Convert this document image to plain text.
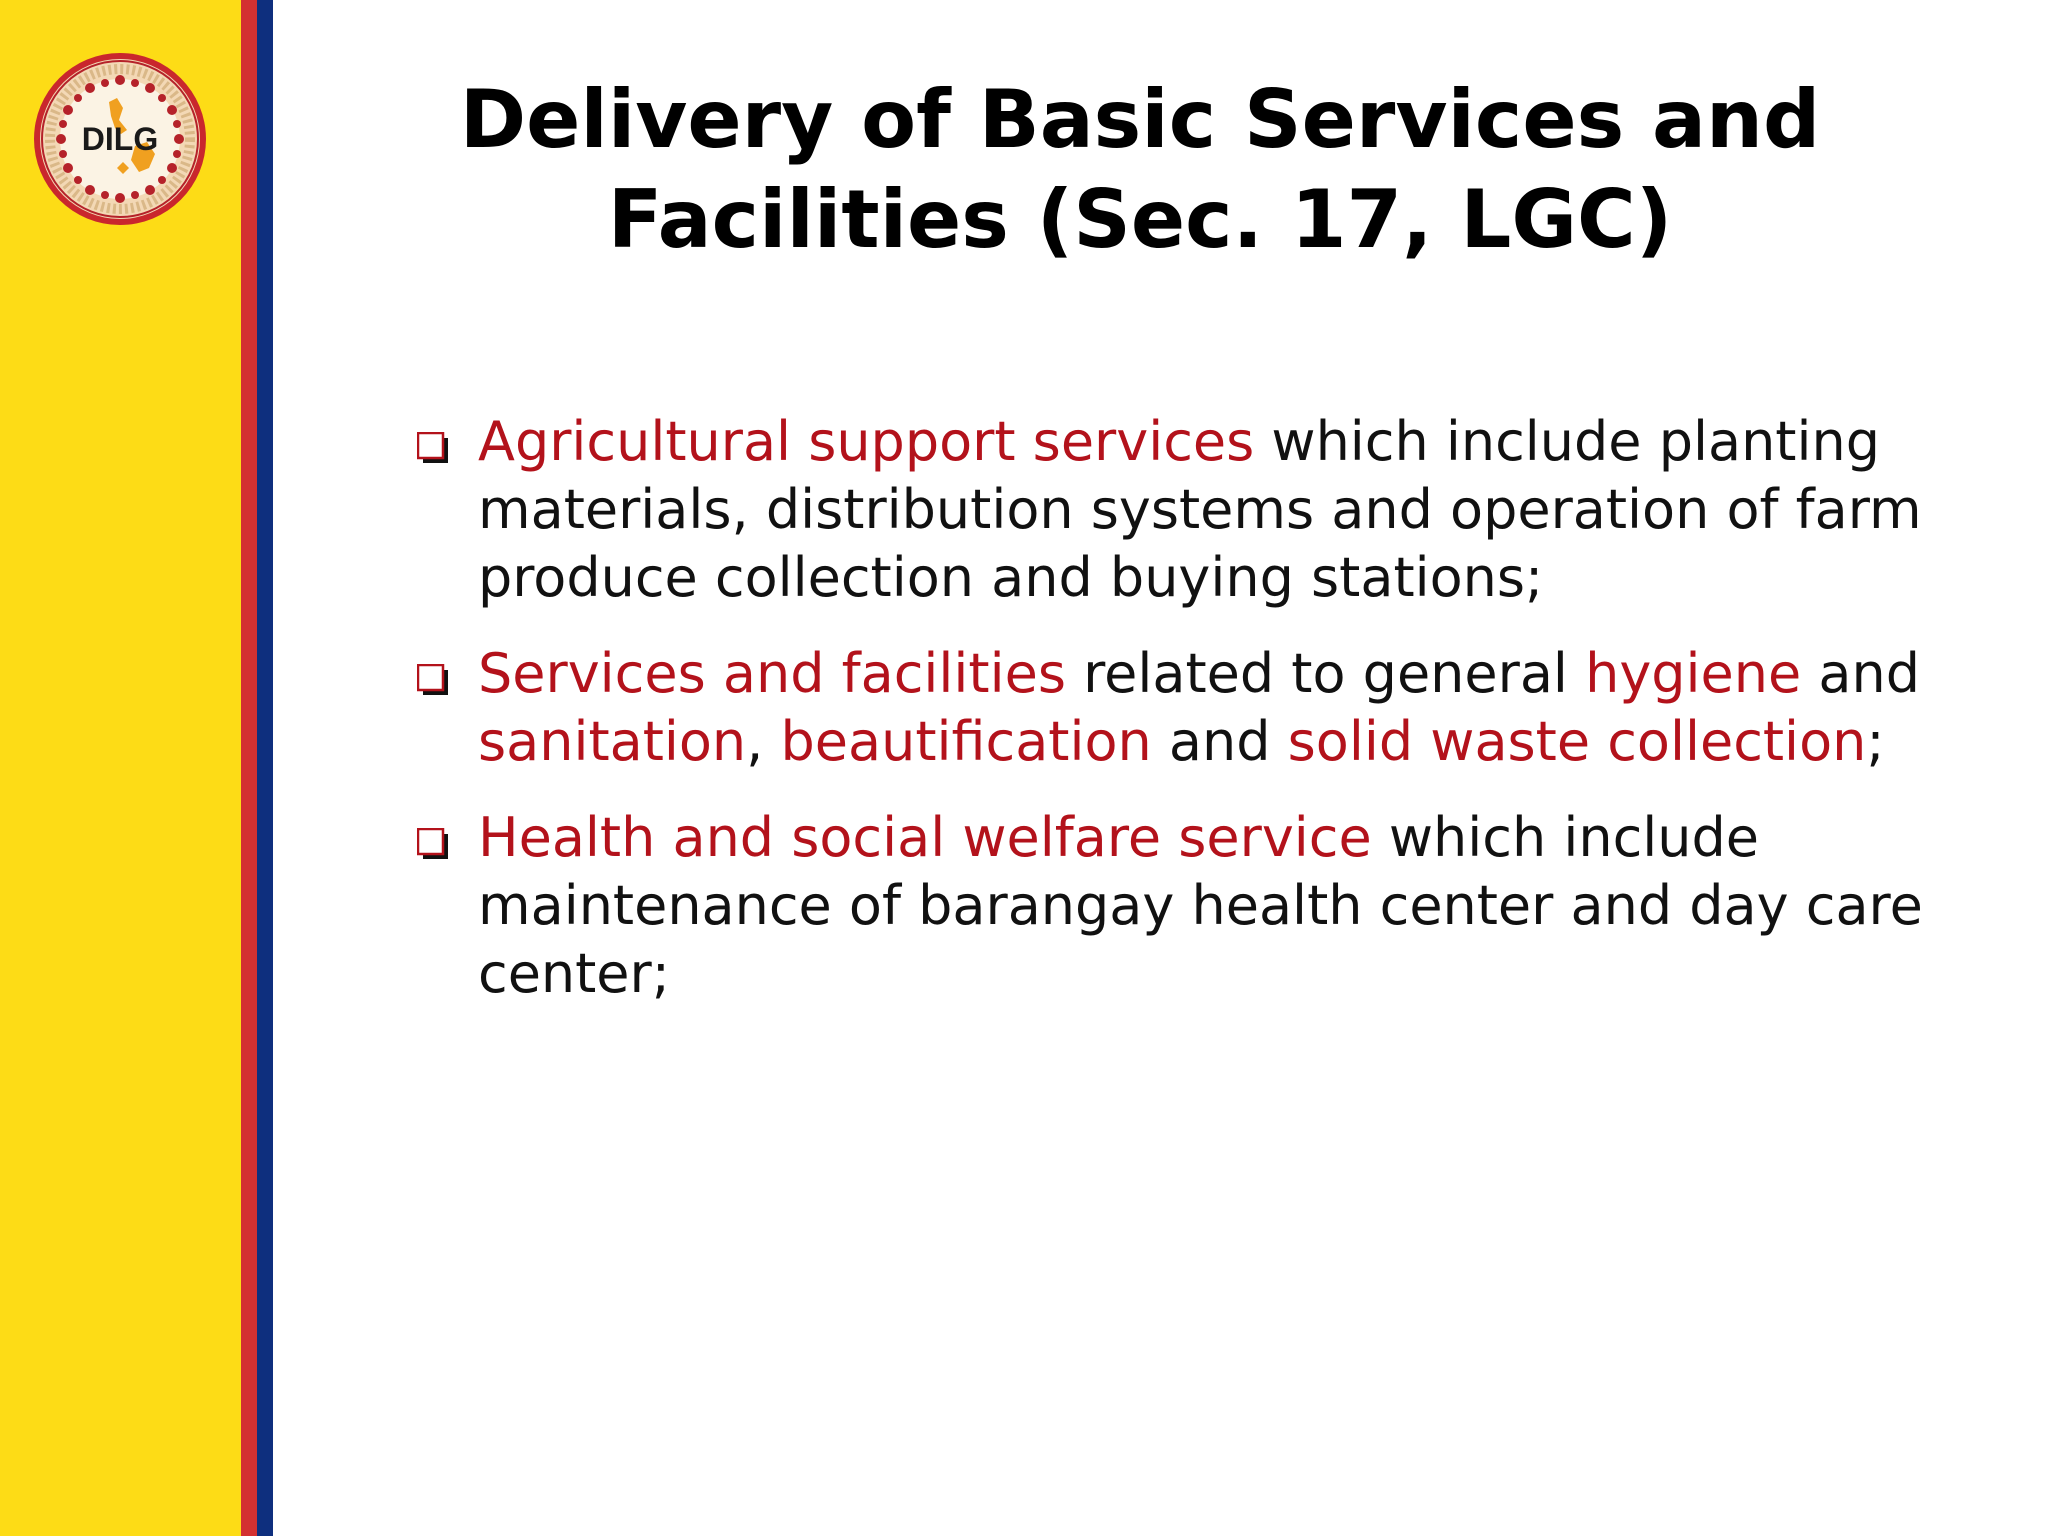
DILG	Delivery of Basic Services and
Facilities (Sec. 17, LGC)
Agricultural support services which include planting materials, distribution systems and operation of farm produce collection and buying stations;
Services and facilities related to general hygiene and sanitation, beautification and solid waste collection;
Health and social welfare service which include maintenance of barangay health center and day care center;
